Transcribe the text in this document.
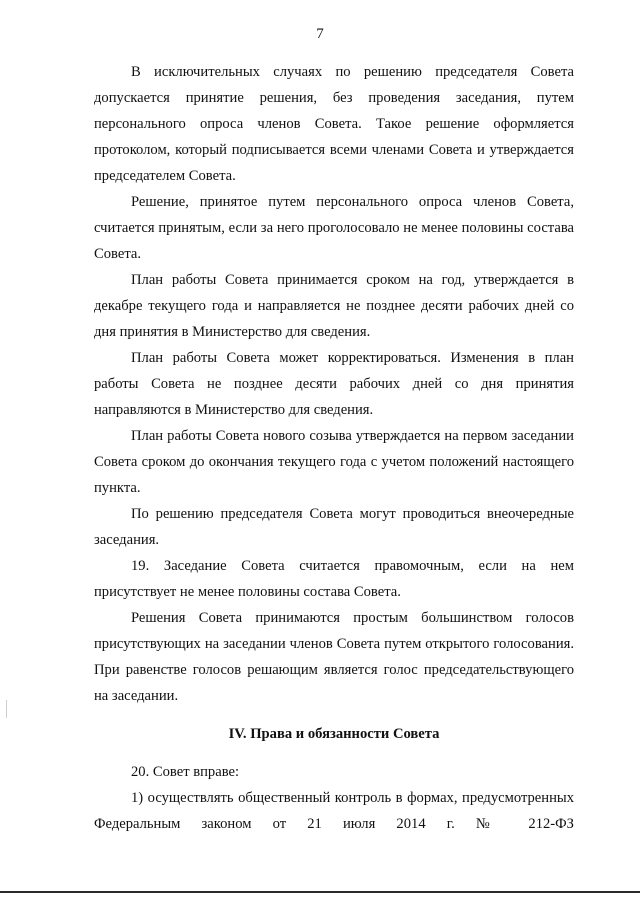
7

В исключительных случаях по решению председателя Совета допускается принятие решения, без проведения заседания, путем персонального опроса членов Совета. Такое решение оформляется протоколом, который подписывается всеми членами Совета и утверждается председателем Совета.

Решение, принятое путем персонального опроса членов Совета, считается принятым, если за него проголосовало не менее половины состава Совета.

План работы Совета принимается сроком на год, утверждается в декабре текущего года и направляется не позднее десяти рабочих дней со дня принятия в Министерство для сведения.

План работы Совета может корректироваться. Изменения в план работы Совета не позднее десяти рабочих дней со дня принятия направляются в Министерство для сведения.

План работы Совета нового созыва утверждается на первом заседании Совета сроком до окончания текущего года с учетом положений настоящего пункта.

По решению председателя Совета могут проводиться внеочередные заседания.

19. Заседание Совета считается правомочным, если на нем присутствует не менее половины состава Совета.

Решения Совета принимаются простым большинством голосов присутствующих на заседании членов Совета путем открытого голосования. При равенстве голосов решающим является голос председательствующего на заседании.

IV. Права и обязанности Совета

20. Совет вправе:

1) осуществлять общественный контроль в формах, предусмотренных Федеральным законом от 21 июля 2014 г. № 212-ФЗ
